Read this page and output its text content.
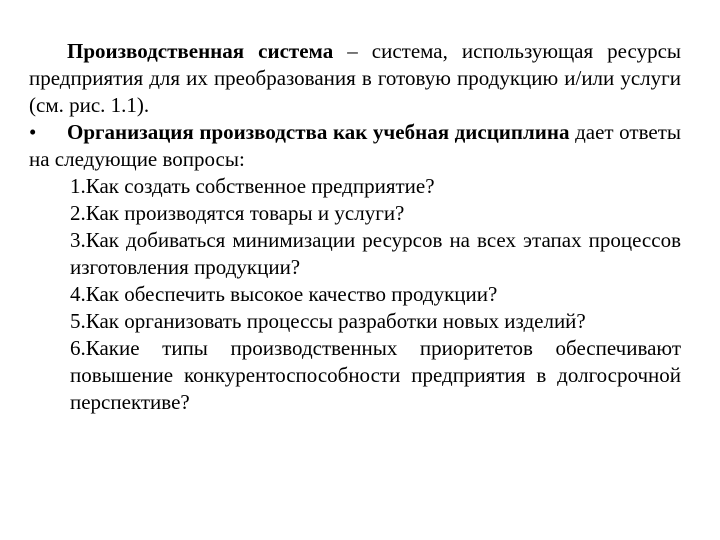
Производственная система – система, использующая ресурсы предприятия для их преобразования в готовую продукцию и/или услуги (см. рис. 1.1).

• Организация производства как учебная дисциплина дает ответы на следующие вопросы:

1.Как создать собственное предприятие?
2.Как производятся товары и услуги?
3.Как добиваться минимизации ресурсов на всех этапах процессов изготовления продукции?
4.Как обеспечить высокое качество продукции?
5.Как организовать процессы разработки новых изделий?
6.Какие типы производственных приоритетов обеспечивают повышение конкурентоспособности предприятия в долгосрочной перспективе?
